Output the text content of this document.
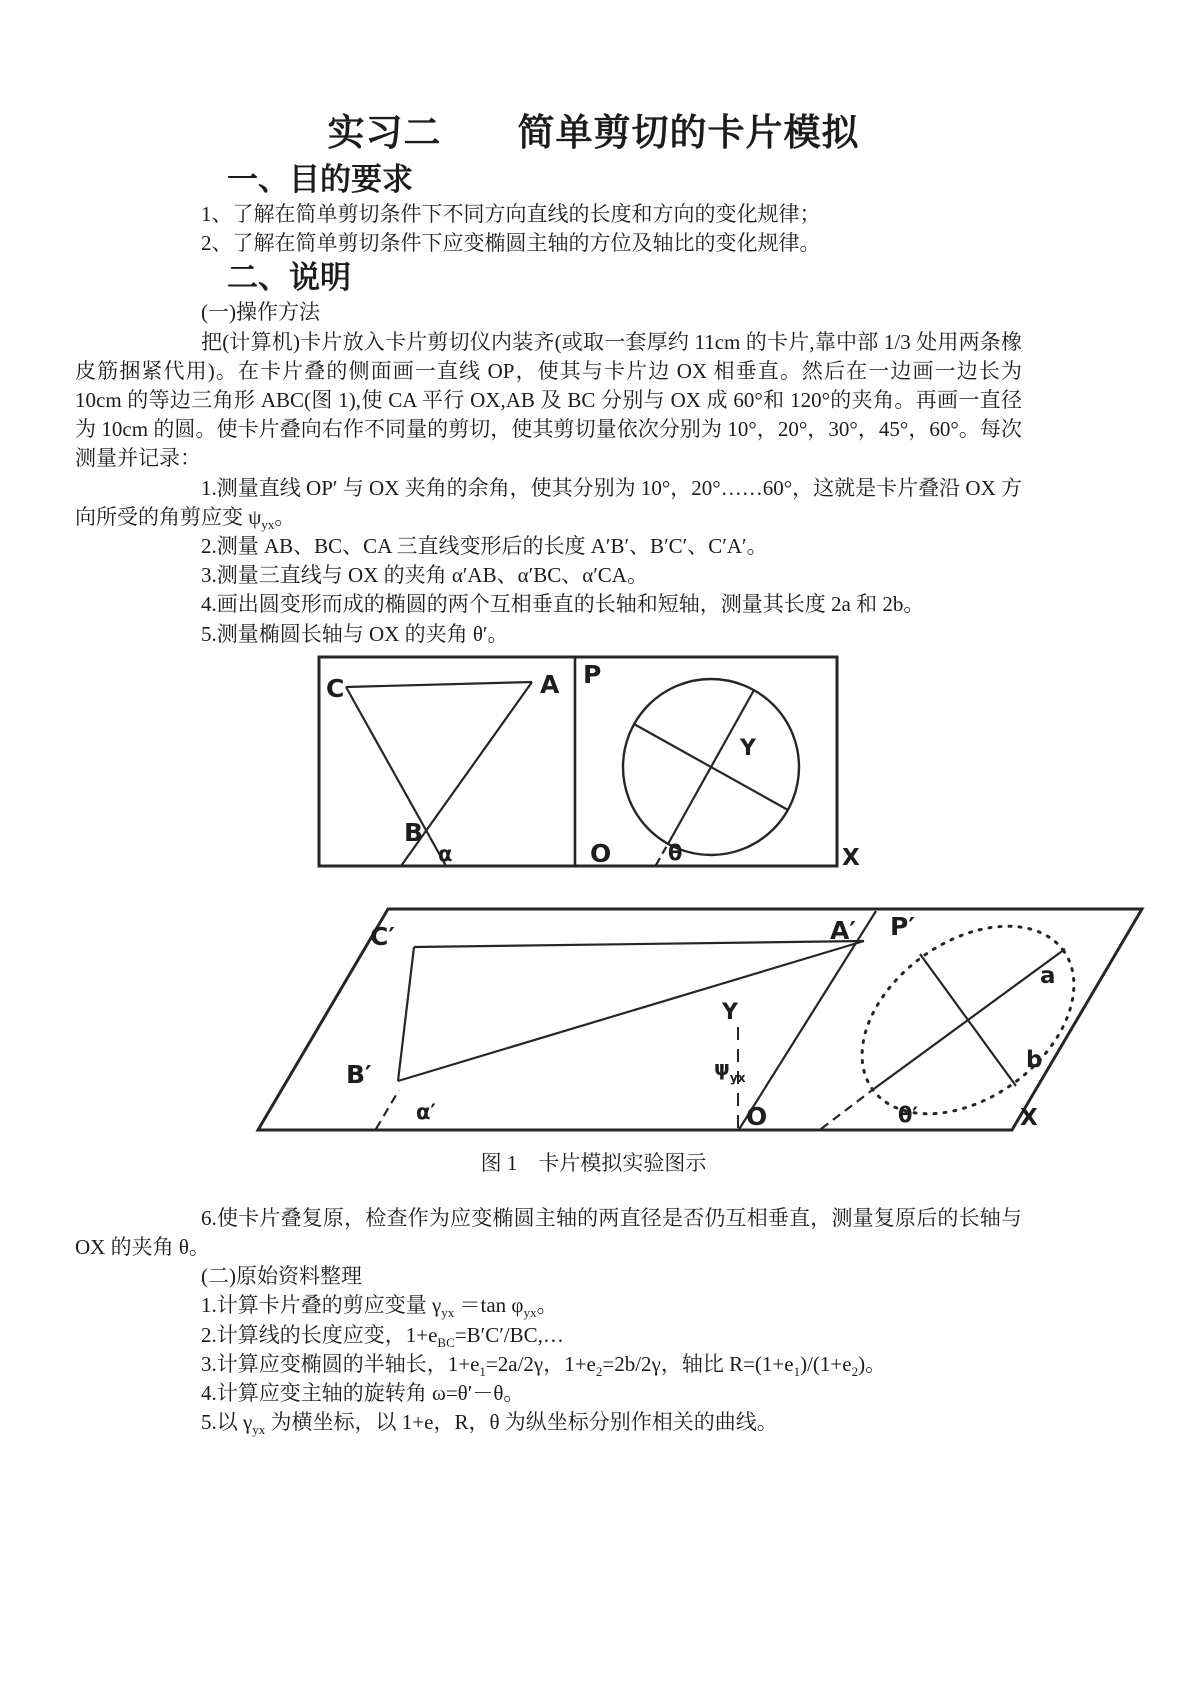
实习二　　简单剪切的卡片模拟
一、目的要求

1、了解在简单剪切条件下不同方向直线的长度和方向的变化规律；

2、了解在简单剪切条件下应变椭圆主轴的方位及轴比的变化规律。

二、说明

(一)操作方法

把(计算机)卡片放入卡片剪切仪内装齐(或取一套厚约 11cm 的卡片,靠中部 1/3 处用两条橡皮筋捆紧代用)。在卡片叠的侧面画一直线 OP，使其与卡片边 OX 相垂直。然后在一边画一边长为 10cm 的等边三角形 ABC(图 1),使 CA 平行 OX,AB 及 BC 分别与 OX 成 60°和 120°的夹角。再画一直径为 10cm 的圆。使卡片叠向右作不同量的剪切，使其剪切量依次分别为 10°，20°，30°，45°，60°。每次测量并记录：

1.测量直线 OP′ 与 OX 夹角的余角，使其分别为 10°，20°……60°，这就是卡片叠沿 OX 方向所受的角剪应变 $\psi_{yx}$。

2.测量 AB、BC、CA 三直线变形后的长度 A′B′、B′C′、C′A′。

3.测量三直线与 OX 的夹角 α′AB、α′BC、α′CA。

4.画出圆变形而成的椭圆的两个互相垂直的长轴和短轴，测量其长度 2a 和 2b。

5.测量椭圆长轴与 OX 的夹角 θ′。

C	A
B
α
P
Y
O	θ	X
C′	A′ P′
B′
α′
Y
$\psi_{yx}$
O	θ′
a
b
X

图 1　卡片模拟实验图示

6.使卡片叠复原，检查作为应变椭圆主轴的两直径是否仍互相垂直，测量复原后的长轴与 OX 的夹角 θ。

(二)原始资料整理

1.计算卡片叠的剪应变量 $\gamma_{yx} =\tan$ $\varphi_{yx}$。

2.计算线的长度应变，$1+e_{BC}=B'C'/BC,\dots$

3.计算应变椭圆的半轴长，$1+e_1=2a/2\gamma$，$1+e_2=2b/2\gamma$，轴比 $R=(1+e_1)/(1+e_2)$。

4.计算应变主轴的旋转角 ω=θ′－θ。

5.以 $\gamma_{yx}$ 为横坐标，以 1+e，R，θ 为纵坐标分别作相关的曲线。
